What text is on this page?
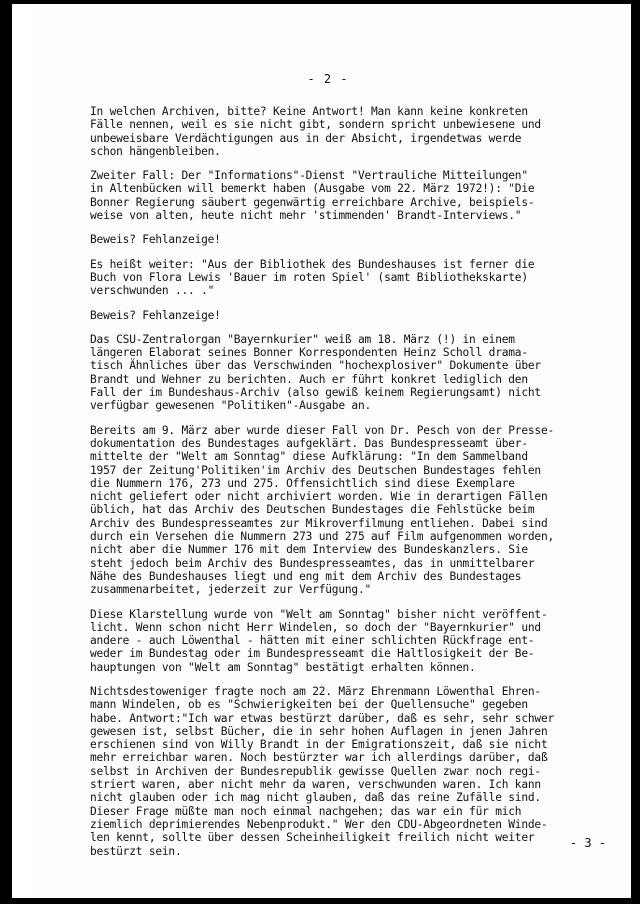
- 2 -

In welchen Archiven, bitte? Keine Antwort! Man kann keine konkreten
Fälle nennen, weil es sie nicht gibt, sondern spricht unbewiesene und
unbeweisbare Verdächtigungen aus in der Absicht, irgendetwas werde
schon hängenbleiben.

Zweiter Fall: Der "Informations"-Dienst "Vertrauliche Mitteilungen"
in Altenbücken will bemerkt haben (Ausgabe vom 22. März 1972!): "Die
Bonner Regierung säubert gegenwärtig erreichbare Archive, beispiels-
weise von alten, heute nicht mehr 'stimmenden' Brandt-Interviews."

Beweis? Fehlanzeige!

Es heißt weiter: "Aus der Bibliothek des Bundeshauses ist ferner die
Buch von Flora Lewis 'Bauer im roten Spiel' (samt Bibliothekskarte)
verschwunden ... ."

Beweis? Fehlanzeige!

Das CSU-Zentralorgan "Bayernkurier" weiß am 18. März (!) in einem
längeren Elaborat seines Bonner Korrespondenten Heinz Scholl drama-
tisch Ähnliches über das Verschwinden "hochexplosiver" Dokumente über
Brandt und Wehner zu berichten. Auch er führt konkret lediglich den
Fall der im Bundeshaus-Archiv (also gewiß keinem Regierungsamt) nicht
verfügbar gewesenen "Politiken"-Ausgabe an.

Bereits am 9. März aber wurde dieser Fall von Dr. Pesch von der Presse-
dokumentation des Bundestages aufgeklärt. Das Bundespresseamt über-
mittelte der "Welt am Sonntag" diese Aufklärung: "In dem Sammelband
1957 der Zeitung'Politiken'im Archiv des Deutschen Bundestages fehlen
die Nummern 176, 273 und 275. Offensichtlich sind diese Exemplare
nicht geliefert oder nicht archiviert worden. Wie in derartigen Fällen
üblich, hat das Archiv des Deutschen Bundestages die Fehlstücke beim
Archiv des Bundespresseamtes zur Mikroverfilmung entliehen. Dabei sind
durch ein Versehen die Nummern 273 und 275 auf Film aufgenommen worden,
nicht aber die Nummer 176 mit dem Interview des Bundeskanzlers. Sie
steht jedoch beim Archiv des Bundespresseamtes, das in unmittelbarer
Nähe des Bundeshauses liegt und eng mit dem Archiv des Bundestages
zusammenarbeitet, jederzeit zur Verfügung."

Diese Klarstellung wurde von "Welt am Sonntag" bisher nicht veröffent-
licht. Wenn schon nicht Herr Windelen, so doch der "Bayernkurier" und
andere - auch Löwenthal - hätten mit einer schlichten Rückfrage ent-
weder im Bundestag oder im Bundespresseamt die Haltlosigkeit der Be-
hauptungen von "Welt am Sonntag" bestätigt erhalten können.

Nichtsdestoweniger fragte noch am 22. März Ehrenmann Löwenthal Ehren-
mann Windelen, ob es "Schwierigkeiten bei der Quellensuche" gegeben
habe. Antwort:"Ich war etwas bestürzt darüber, daß es sehr, sehr schwer
gewesen ist, selbst Bücher, die in sehr hohen Auflagen in jenen Jahren
erschienen sind von Willy Brandt in der Emigrationszeit, daß sie nicht
mehr erreichbar waren. Noch bestürzter war ich allerdings darüber, daß
selbst in Archiven der Bundesrepublik gewisse Quellen zwar noch regi-
striert waren, aber nicht mehr da waren, verschwunden waren. Ich kann
nicht glauben oder ich mag nicht glauben, daß das reine Zufälle sind.
Dieser Frage müßte man noch einmal nachgehen; das war ein für mich
ziemlich deprimierendes Nebenprodukt." Wer den CDU-Abgeordneten Winde-
len kennt, sollte über dessen Scheinheiligkeit freilich nicht weiter
bestürzt sein.

- 3 -
